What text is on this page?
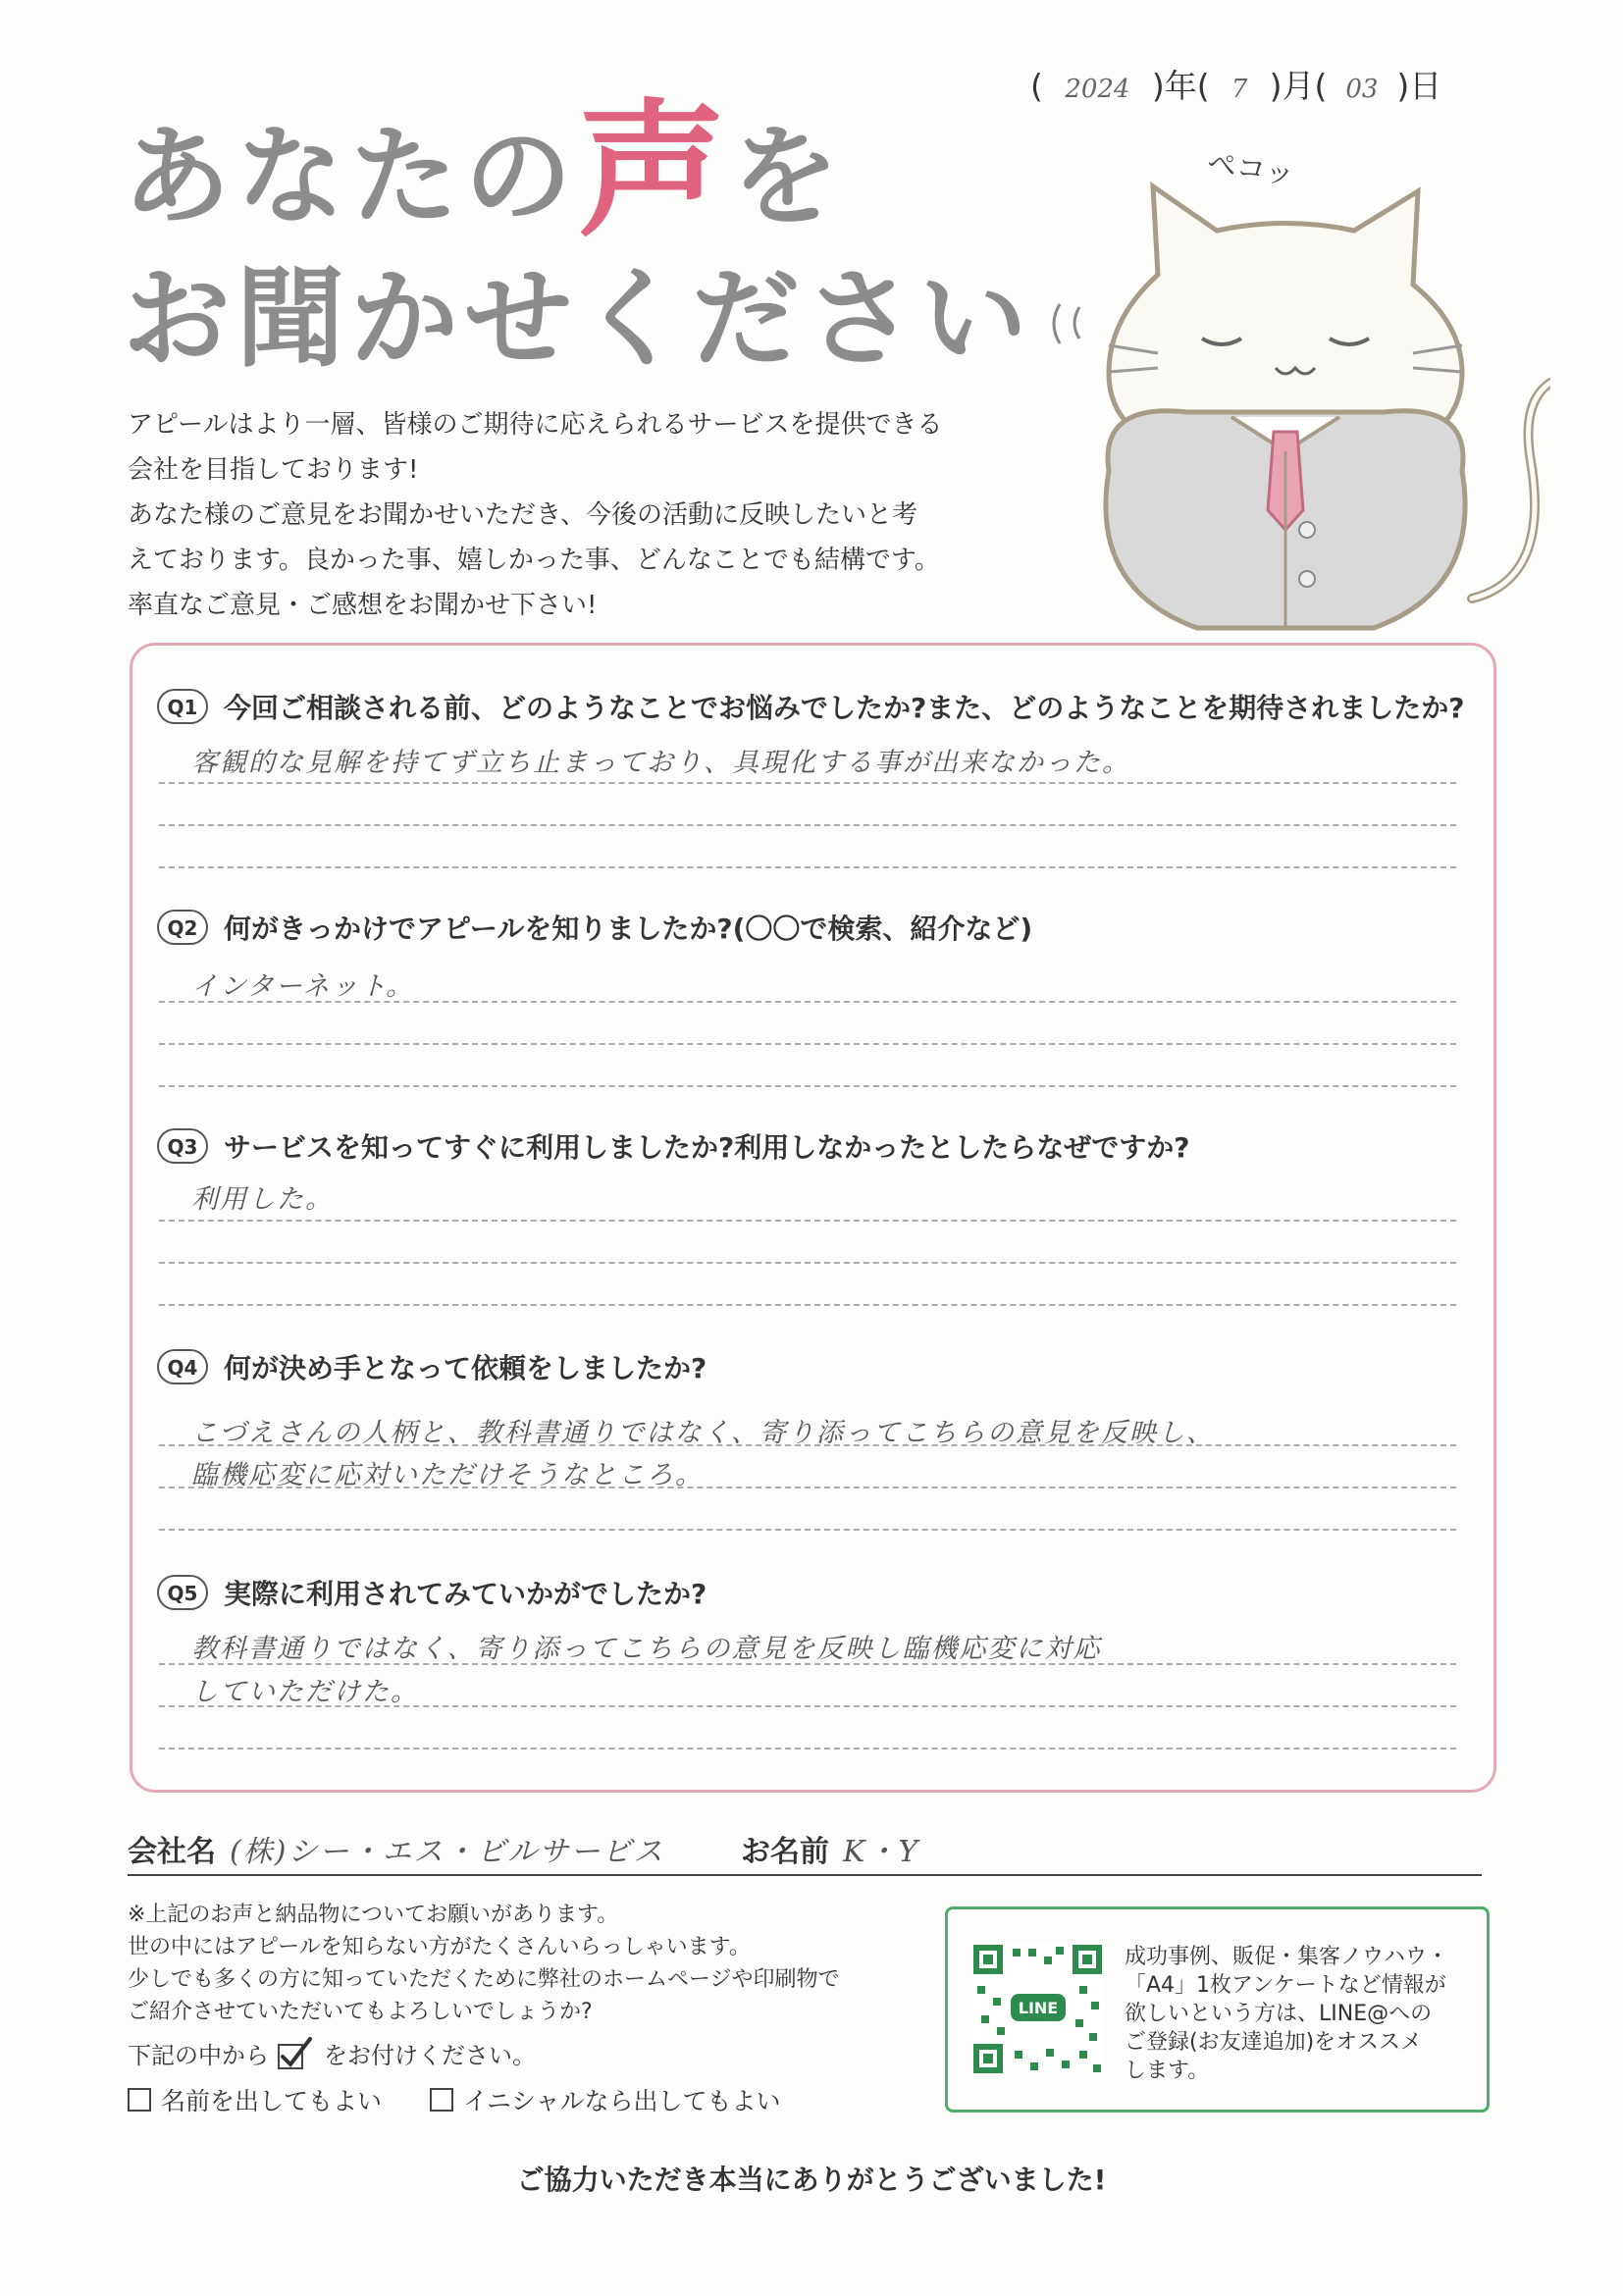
( 2024 )年( 7 )月( 03 )日
あなたの声を
お聞かせください
アピールはより一層、皆様のご期待に応えられるサービスを提供できる
会社を目指しております!
あなた様のご意見をお聞かせいただき、今後の活動に反映したいと考
えております。良かった事、嬉しかった事、どんなことでも結構です。
率直なご意見・ご感想をお聞かせ下さい!
ペコッ
Q1 今回ご相談される前、どのようなことでお悩みでしたか?また、どのようなことを期待されましたか?
客観的な見解を持てず立ち止まっており、具現化する事が出来なかった。
Q2 何がきっかけでアピールを知りましたか?(〇〇で検索、紹介など)
インターネット。
Q3 サービスを知ってすぐに利用しましたか?利用しなかったとしたらなぜですか?
利用した。
Q4 何が決め手となって依頼をしましたか?
こづえさんの人柄と、教科書通りではなく、寄り添ってこちらの意見を反映し、
臨機応変に応対いただけそうなところ。
Q5 実際に利用されてみていかがでしたか?
教科書通りではなく、寄り添ってこちらの意見を反映し臨機応変に対応
していただけた。
会社名 (株)シー・エス・ビルサービス	お名前 K・Y
※上記のお声と納品物についてお願いがあります。
世の中にはアピールを知らない方がたくさんいらっしゃいます。
少しでも多くの方に知っていただくために弊社のホームページや印刷物で
ご紹介させていただいてもよろしいでしょうか?
下記の中から をお付けください。
名前を出してもよい	イニシャルなら出してもよい
LINE
成功事例、販促・集客ノウハウ・
「A4」1枚アンケートなど情報が
欲しいという方は、LINE@への
ご登録(お友達追加)をオススメ
します。
ご協力いただき本当にありがとうございました!
